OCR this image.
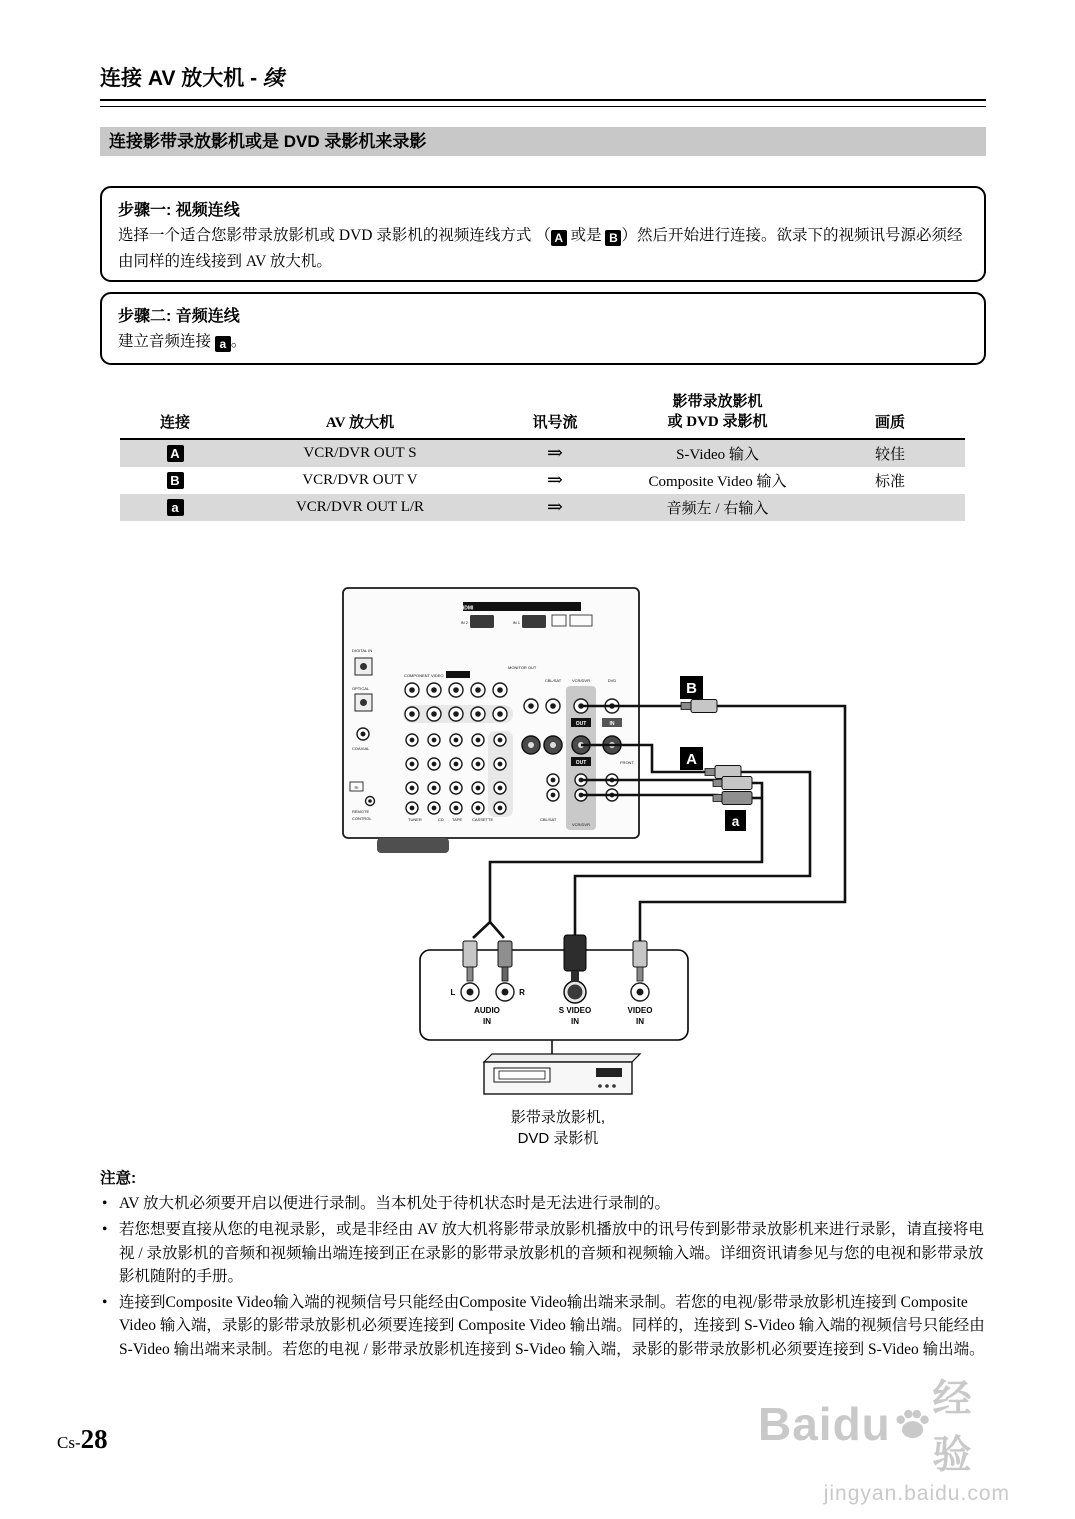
连接 AV 放大机 - 续
连接影带录放影机或是 DVD 录影机来录影
步骤一: 视频连线

选择一个适合您影带录放影机或 DVD 录影机的视频连线方式 （ A 或是 B ）然后开始进行连接。欲录下的视频讯号源必须经由同样的连线接到 AV 放大机。

步骤二: 音频连线

建立音频连接 a 。

连接	AV 放大机	讯号流
影带录放影机
或 DVD 录影机	画质
A	VCR/DVR OUT S	⇒	S-Video 输入	较佳
B	VCR/DVR OUT V	⇒	Composite Video 输入	标准
a	VCR/DVR OUT L/R	⇒	音频左 / 右输入
HDMI
IN 2	IN 1
DIGITAL IN
OPTICAL
COAXIAL
RI
REMOTE
CONTROL
COMPONENT VIDEO
MONITOR OUT
CBL/SAT	VCR/DVR
OUT
OUT
VCR/DVR
DVD
IN
FRONT
TUNER	CD TAPE CASSETTE	CBL/SAT
B
A
a
L	R
AUDIO
IN
S VIDEO
IN
VIDEO
IN
影带录放影机,
DVD 录影机
注意:
• AV 放大机必须要开启以便进行录制。当本机处于待机状态时是无法进行录制的。
• 若您想要直接从您的电视录影，或是非经由 AV 放大机将影带录放影机播放中的讯号传到影带录放影机来进行录影，请直接将电视 / 录放影机的音频和视频输出端连接到正在录影的影带录放影机的音频和视频输入端。详细资讯请参见与您的电视和影带录放影机随附的手册。
• 连接到Composite Video输入端的视频信号只能经由Composite Video输出端来录制。若您的电视/影带录放影机连接到 Composite Video 输入端，录影的影带录放影机必须要连接到 Composite Video 输出端。同样的，连接到 S-Video 输入端的视频信号只能经由 S-Video 输出端来录制。若您的电视 / 影带录放影机连接到 S-Video 输入端，录影的影带录放影机必须要连接到 S-Video 输出端。
Cs-28	Baidu 经验
jingyan.baidu.com
